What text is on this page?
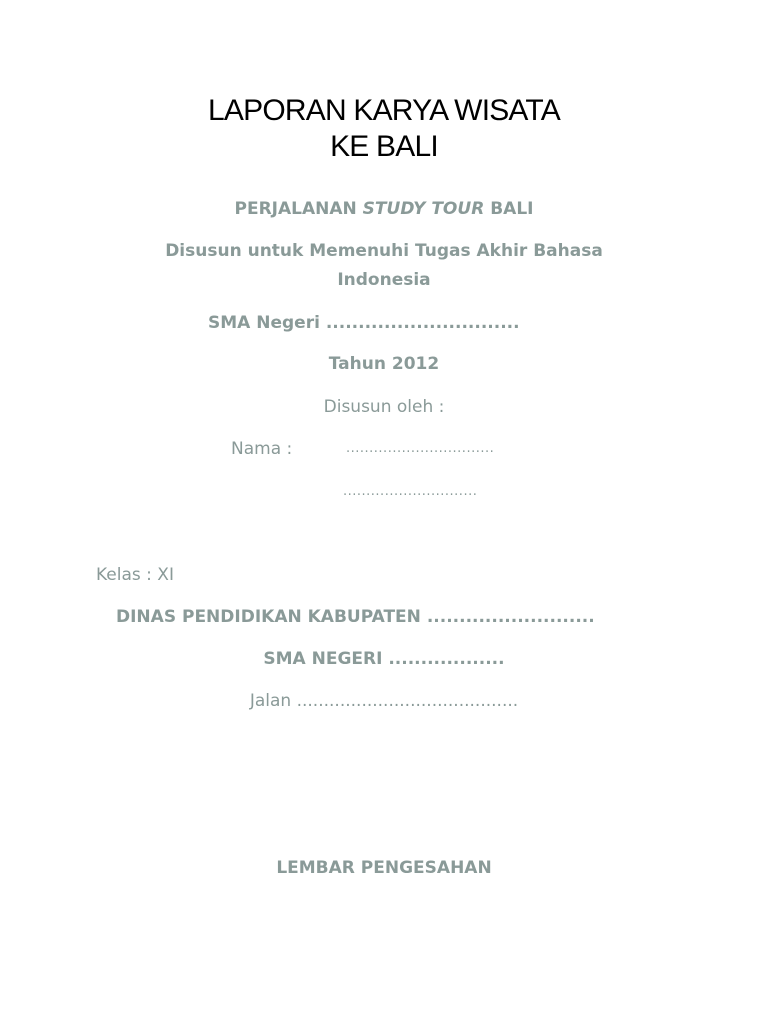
LAPORAN KARYA WISATA
KE BALI
PERJALANAN STUDY TOUR BALI
Disusun untuk Memenuhi Tugas Akhir Bahasa
Indonesia
SMA Negeri ..............................
Tahun 2012
Disusun oleh :
Nama :	................................
.............................
Kelas : XI
DINAS PENDIDIKAN KABUPATEN ..........................
SMA NEGERI ..................
Jalan .........................................
LEMBAR PENGESAHAN
